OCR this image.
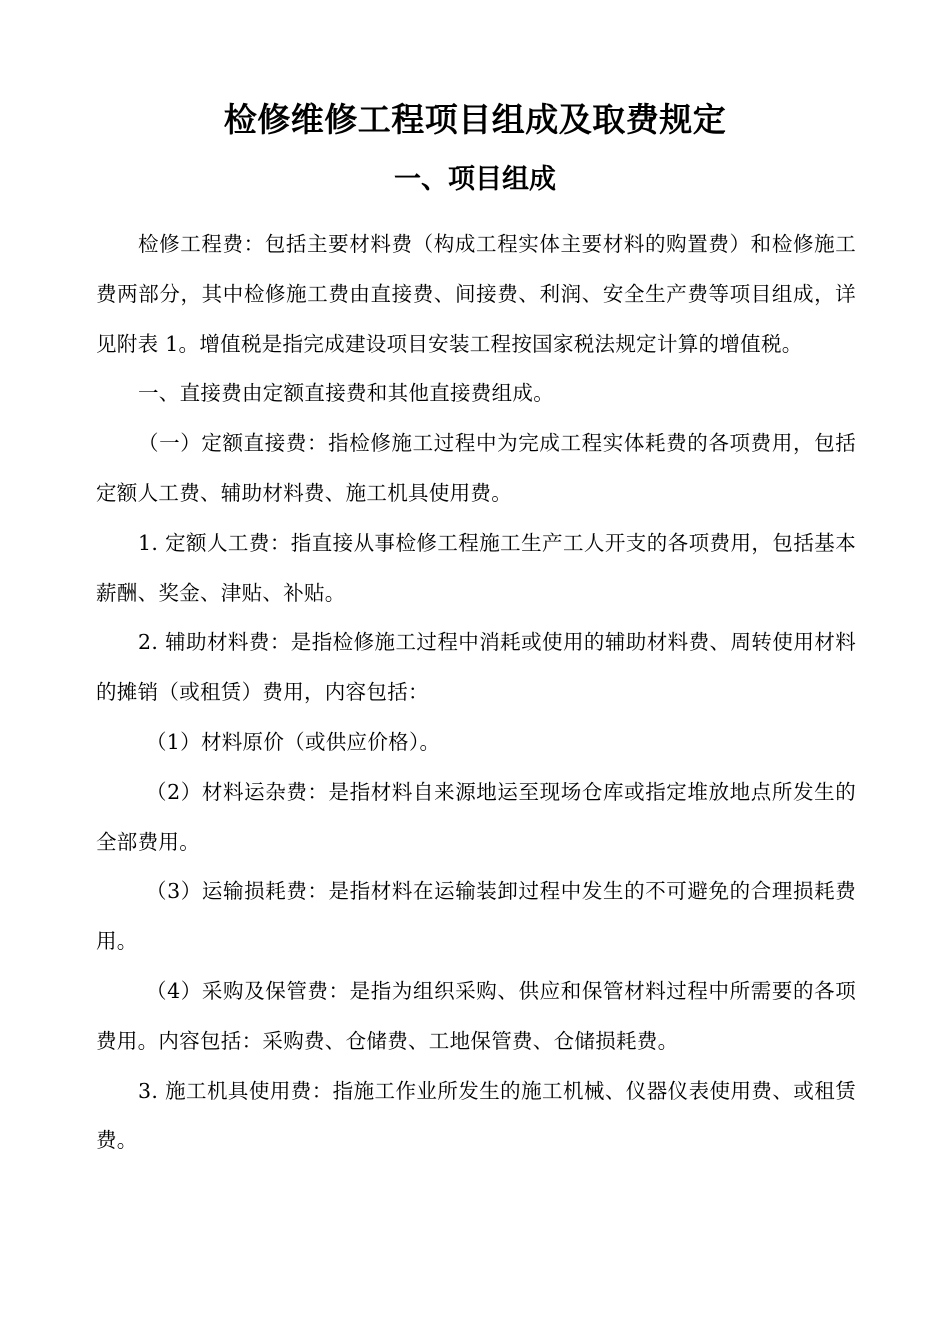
检修维修工程项目组成及取费规定
一、项目组成

检修工程费：包括主要材料费（构成工程实体主要材料的购置费）和检修施工费两部分，其中检修施工费由直接费、间接费、利润、安全生产费等项目组成，详见附表 1。增值税是指完成建设项目安装工程按国家税法规定计算的增值税。

一、直接费由定额直接费和其他直接费组成。

（一）定额直接费：指检修施工过程中为完成工程实体耗费的各项费用，包括定额人工费、辅助材料费、施工机具使用费。

1. 定额人工费：指直接从事检修工程施工生产工人开支的各项费用，包括基本薪酬、奖金、津贴、补贴。

2. 辅助材料费：是指检修施工过程中消耗或使用的辅助材料费、周转使用材料的摊销（或租赁）费用，内容包括：

（1）材料原价（或供应价格）。

（2）材料运杂费：是指材料自来源地运至现场仓库或指定堆放地点所发生的全部费用。

（3）运输损耗费：是指材料在运输装卸过程中发生的不可避免的合理损耗费用。

（4）采购及保管费：是指为组织采购、供应和保管材料过程中所需要的各项费用。内容包括：采购费、仓储费、工地保管费、仓储损耗费。

3. 施工机具使用费：指施工作业所发生的施工机械、仪器仪表使用费、或租赁费。
